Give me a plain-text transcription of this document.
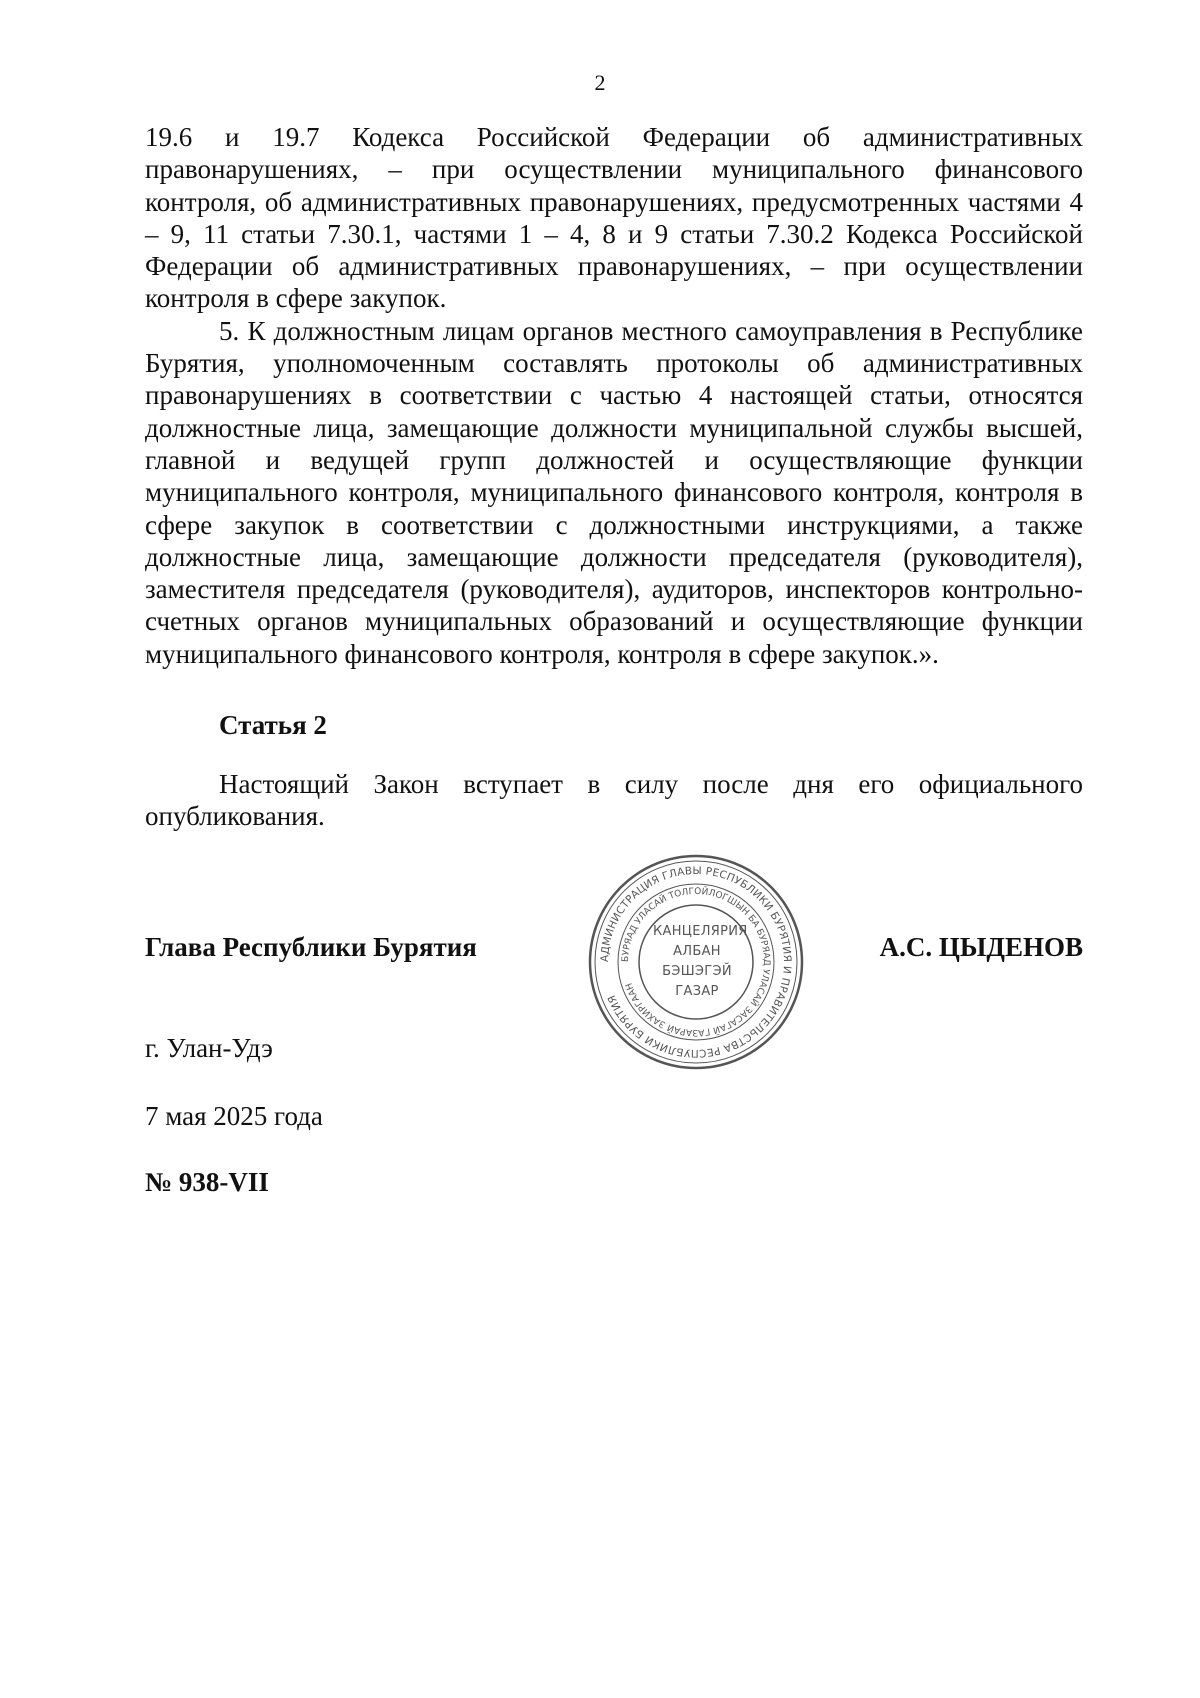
2

19.6 и 19.7 Кодекса Российской Федерации об административных правонарушениях, – при осуществлении муниципального финансового контроля, об административных правонарушениях, предусмотренных частями 4 – 9, 11 статьи 7.30.1, частями 1 – 4, 8 и 9 статьи 7.30.2 Кодекса Российской Федерации об административных правонарушениях, – при осуществлении контроля в сфере закупок.

5. К должностным лицам органов местного самоуправления в Республике Бурятия, уполномоченным составлять протоколы об административных правонарушениях в соответствии с частью 4 настоящей статьи, относятся должностные лица, замещающие должности муниципальной службы высшей, главной и ведущей групп должностей и осуществляющие функции муниципального контроля, муниципального финансового контроля, контроля в сфере закупок в соответствии с должностными инструкциями, а также должностные лица, замещающие должности председателя (руководителя), заместителя председателя (руководителя), аудиторов, инспекторов контрольно-счетных органов муниципальных образований и осуществляющие функции муниципального финансового контроля, контроля в сфере закупок.».

Статья 2

Настоящий Закон вступает в силу после дня его официального опубликования.

Глава Республики Бурятия	А.С. ЦЫДЕНОВ
АДМИНИСТРАЦИЯ ГЛАВЫ РЕСПУБЛИКИ БУРЯТИЯ И ПРАВИТЕЛЬСТВА РЕСПУБЛИКИ БУРЯТИЯ
БУРЯАД УЛАСАЙ ТОЛГОЙЛОГШЫН БА БУРЯАД УЛАСАЙ ЗАСАГАЙ ГАЗАРАЙ ЗАХИРГААН
КАНЦЕЛЯРИЯ
АЛБАН
БЭШЭГЭЙ ГАЗАР
г. Улан-Удэ
7 мая 2025 года
№ 938-VII
